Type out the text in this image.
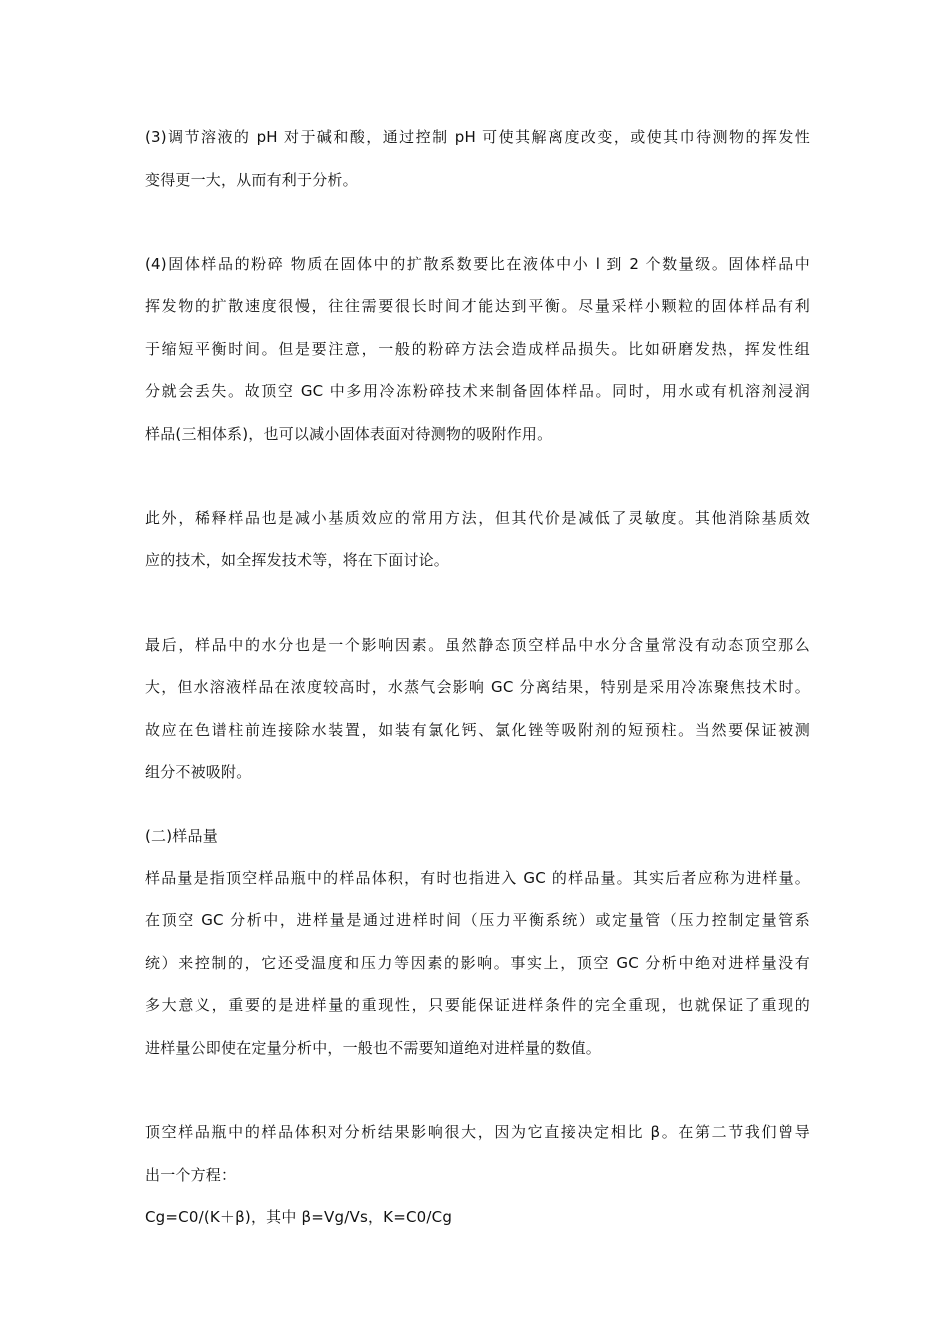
(3)调节溶液的 pH 对于碱和酸，通过控制 pH 可使其解离度改变，或使其巾待测物的挥发性
变得更一大，从而有利于分析。
(4)固体样品的粉碎 物质在固体中的扩散系数要比在液体中小 l 到 2 个数量级。固体样品中
挥发物的扩散速度很慢，往往需要很长时间才能达到平衡。尽量采样小颗粒的固体样品有利
于缩短平衡时间。但是要注意，一般的粉碎方法会造成样品损失。比如研磨发热，挥发性组
分就会丢失。故顶空 GC 中多用冷冻粉碎技术来制备固体样品。同时，用水或有机溶剂浸润
样品(三相体系)，也可以减小固体表面对待测物的吸附作用。
此外，稀释样品也是减小基质效应的常用方法，但其代价是减低了灵敏度。其他消除基质效
应的技术，如全挥发技术等，将在下面讨论。
最后，样品中的水分也是一个影响因素。虽然静态顶空样品中水分含量常没有动态顶空那么
大，但水溶液样品在浓度较高时，水蒸气会影响 GC 分离结果，特别是采用冷冻聚焦技术时。
故应在色谱柱前连接除水装置，如装有氯化钙、氯化锉等吸附剂的短预柱。当然要保证被测
组分不被吸附。
(二)样品量
样品量是指顶空样品瓶中的样品体积，有时也指进入 GC 的样品量。其实后者应称为进样量。
在顶空 GC 分析中，进样量是通过进样时间（压力平衡系统）或定量管（压力控制定量管系
统）来控制的，它还受温度和压力等因素的影响。事实上，顶空 GC 分析中绝对进样量没有
多大意义，重要的是进样量的重现性，只要能保证进样条件的完全重现，也就保证了重现的
进样量公即使在定量分析中，一般也不需要知道绝对进样量的数值。
顶空样品瓶中的样品体积对分析结果影响很大，因为它直接决定相比 β。在第二节我们曾导
出一个方程：
Cg=C0/(K＋β)，其中 β=Vg/Vs，K=C0/Cg
